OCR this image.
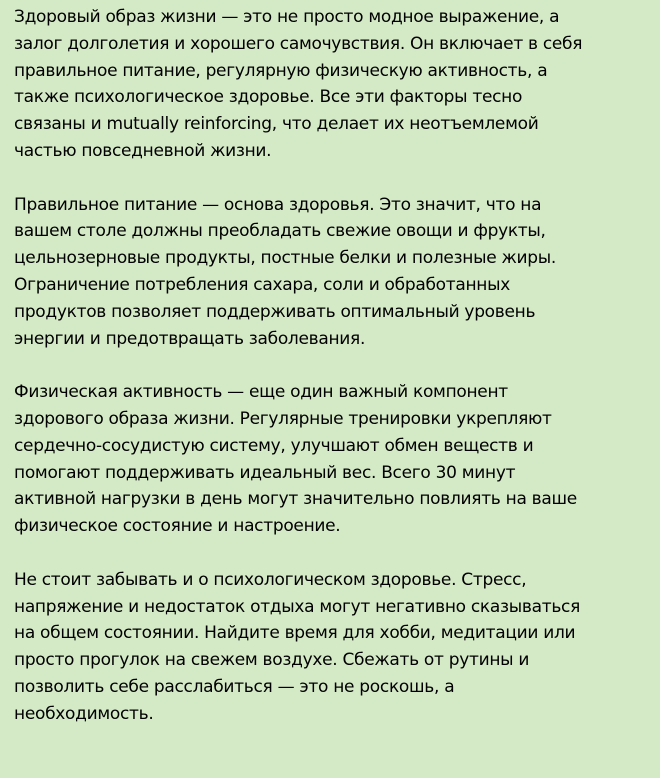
Здоровый образ жизни — это не просто модное выражение, а
залог долголетия и хорошего самочувствия. Он включает в себя
правильное питание, регулярную физическую активность, а
также психологическое здоровье. Все эти факторы тесно
связаны и mutually reinforcing, что делает их неотъемлемой
частью повседневной жизни.

Правильное питание — основа здоровья. Это значит, что на
вашем столе должны преобладать свежие овощи и фрукты,
цельнозерновые продукты, постные белки и полезные жиры.
Ограничение потребления сахара, соли и обработанных
продуктов позволяет поддерживать оптимальный уровень
энергии и предотвращать заболевания.

Физическая активность — еще один важный компонент
здорового образа жизни. Регулярные тренировки укрепляют
сердечно-сосудистую систему, улучшают обмен веществ и
помогают поддерживать идеальный вес. Всего 30 минут
активной нагрузки в день могут значительно повлиять на ваше
физическое состояние и настроение.

Не стоит забывать и о психологическом здоровье. Стресс,
напряжение и недостаток отдыха могут негативно сказываться
на общем состоянии. Найдите время для хобби, медитации или
просто прогулок на свежем воздухе. Сбежать от рутины и
позволить себе расслабиться — это не роскошь, а
необходимость.
